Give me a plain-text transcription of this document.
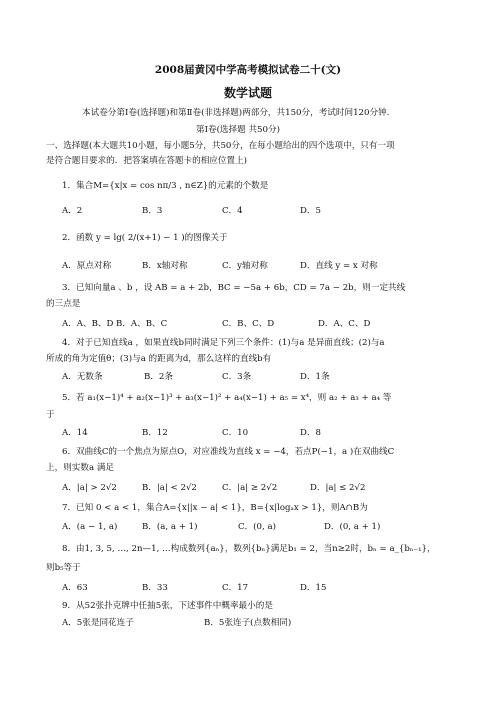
2008届黄冈中学高考模拟试卷二十(文)
数学试题
本试卷分第Ⅰ卷(选择题)和第Ⅱ卷(非选择题)两部分，共150分，考试时间120分钟.
第Ⅰ卷(选择题 共50分)
一、选择题(本大题共10小题，每小题5分，共50分，在每小题给出的四个选项中，只有一项
是符合题目要求的．把答案填在答题卡的相应位置上)
1．集合M={x|x = cos nπ/3 , n∈Z}的元素的个数是
A．2	B．3	C．4	D．5
2．函数 y = lg( 2/(x+1) − 1 )的图像关于
A．原点对称	B．x轴对称	C．y轴对称	D．直线 y = x 对称
3．已知向量a 、b ，设 AB = a + 2b，BC = −5a + 6b，CD = 7a − 2b，则一定共线
的三点是
A．A、B、D B．A、B、C	C．B、C、D	D．A、C、D
4．对于已知直线a ，如果直线b同时满足下列三个条件：(1)与a 是异面直线；(2)与a
所成的角为定值θ；(3)与a 的距离为d，那么这样的直线b有
A．无数条	B．2条	C．3条	D．1条
5．若 a₁(x−1)⁴ + a₂(x−1)³ + a₃(x−1)² + a₄(x−1) + a₅ = x⁴，则 a₂ + a₃ + a₄ 等
于
A．14	B．12	C．10	D．8
6．双曲线C的一个焦点为原点O，对应准线为直线 x = −4，若点P(−1，a )在双曲线C
上，则实数a 满足
A．|a| > 2√2	B．|a| < 2√2	C．|a| ≥ 2√2	D．|a| ≤ 2√2
7．已知 0 < a < 1，集合A={x||x − a| < 1}，B={x|logₐx > 1}，则A∩B为
A．(a − 1, a)	B．(a, a + 1)	C．(0, a)	D．(0, a + 1)
8．由1, 3, 5, …, 2n—1, …构成数列{aₙ}，数列{bₙ}满足b₁ = 2，当n≥2时，bₙ = a_{bₙ₋₁}，
则b₅等于
A．63	B．33	C．17	D．15
9．从52张扑克牌中任抽5张，下述事件中概率最小的是
A．5张是同花连子	B．5张连子(点数相同)
